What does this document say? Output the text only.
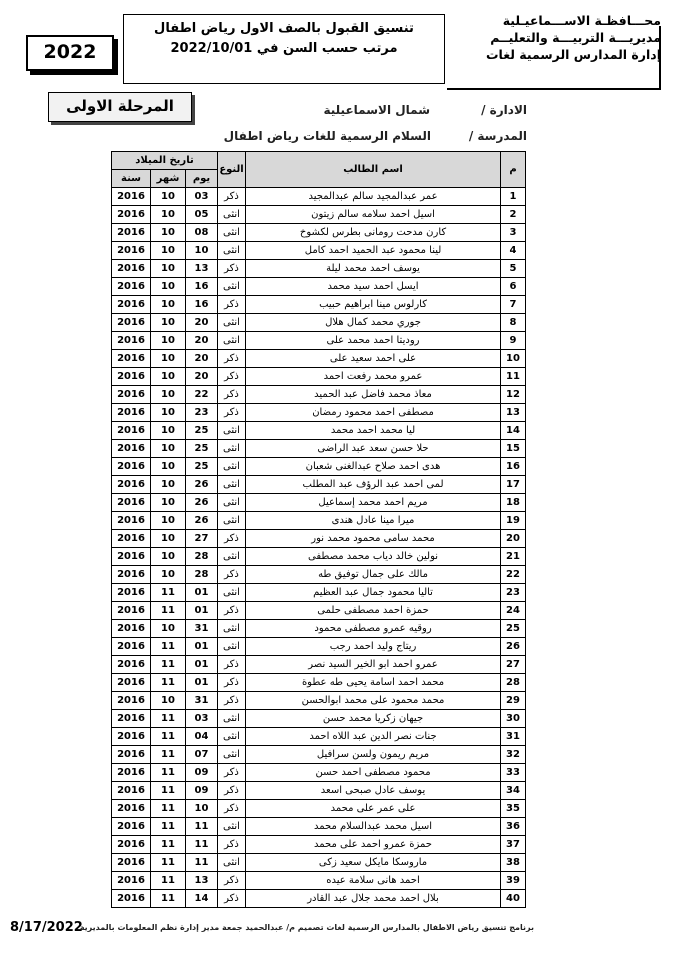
محـــافظـة الاســـماعيـلية
مديريـــة التربيـــة والتعليــم
إدارة المدارس الرسمية لغات
تنسيق القبول بالصف الاول رياض اطفال
مرتب حسب السن في 2022/10/01
2022
المرحلة الاولى	الادارة /
شمال الاسماعيلية
المدرسة /
السلام الرسمية للغات رياض اطفال
تاريخ الميلاد			النوع	اسم الطالب	م
سنة	شهر	يوم			
2016	10	03	ذكر	عمر عبدالمجيد سالم عبدالمجيد	1
2016	10	05	انثى	اسيل احمد سلامه سالم زيتون	2
2016	10	08	انثى	كارن مدحت رومانى بطرس لكشوخ	3
2016	10	10	انثى	لينا محمود عبد الحميد احمد كامل	4
2016	10	13	ذكر	يوسف احمد محمد ليلة	5
2016	10	16	انثى	ايسل احمد سيد محمد	6
2016	10	16	ذكر	كارلوس مينا ابراهيم حبيب	7
2016	10	20	انثى	جوري محمد كمال هلال	8
2016	10	20	انثى	روديتا احمد محمد على	9
2016	10	20	ذكر	على احمد سعيد على	10
2016	10	20	ذكر	عمرو محمد رفعت احمد	11
2016	10	22	ذكر	معاذ محمد فاضل عبد الحميد	12
2016	10	23	ذكر	مصطفى احمد محمود رمضان	13
2016	10	25	انثى	ليا محمد احمد محمد	14
2016	10	25	انثى	حلا حسن سعد عبد الراضى	15
2016	10	25	انثى	هدى احمد صلاح عبدالغنى شعبان	16
2016	10	26	انثى	لمى احمد عبد الرؤف عبد المطلب	17
2016	10	26	انثى	مريم احمد محمد إسماعيل	18
2016	10	26	انثى	ميرا مينا عادل هندى	19
2016	10	27	ذكر	محمد سامى محمود محمد نور	20
2016	10	28	انثى	نولين خالد دياب محمد مصطفى	21
2016	10	28	ذكر	مالك على جمال توفيق طه	22
2016	11	01	انثى	تاليا محمود جمال عبد العظيم	23
2016	11	01	ذكر	حمزة احمد مصطفى حلمى	24
2016	10	31	انثى	روقيه عمرو مصطفى محمود	25
2016	11	01	انثى	ريتاج وليد احمد رجب	26
2016	11	01	ذكر	عمرو احمد ابو الخير السيد نصر	27
2016	11	01	ذكر	محمد احمد اسامة يحيى طه عطوة	28
2016	10	31	ذكر	محمد محمود على محمد ابوالحسن	29
2016	11	03	انثى	جيهان زكريا محمد حسن	30
2016	11	04	انثى	جنات نصر الدين عبد اللاه احمد	31
2016	11	07	انثى	مريم ريمون ولسن سرافيل	32
2016	11	09	ذكر	محمود مصطفى احمد حسن	33
2016	11	09	ذكر	يوسف عادل صبحى اسعد	34
2016	11	10	ذكر	على عمر على محمد	35
2016	11	11	انثى	اسيل محمد عبدالسلام محمد	36
2016	11	11	ذكر	حمزة عمرو احمد على محمد	37
2016	11	11	انثى	ماروسكا مايكل سعيد زكى	38
2016	11	13	ذكر	احمد هانى سلامة عيده	39
2016	11	14	ذكر	بلال احمد محمد جلال عبد القادر	40
8/17/2022
برنامج تنسيق رياض الاطفال بالمدارس الرسمية لغات تصميم م/ عبدالحميد جمعة مدير إدارة نظم المعلومات بالمديرية
